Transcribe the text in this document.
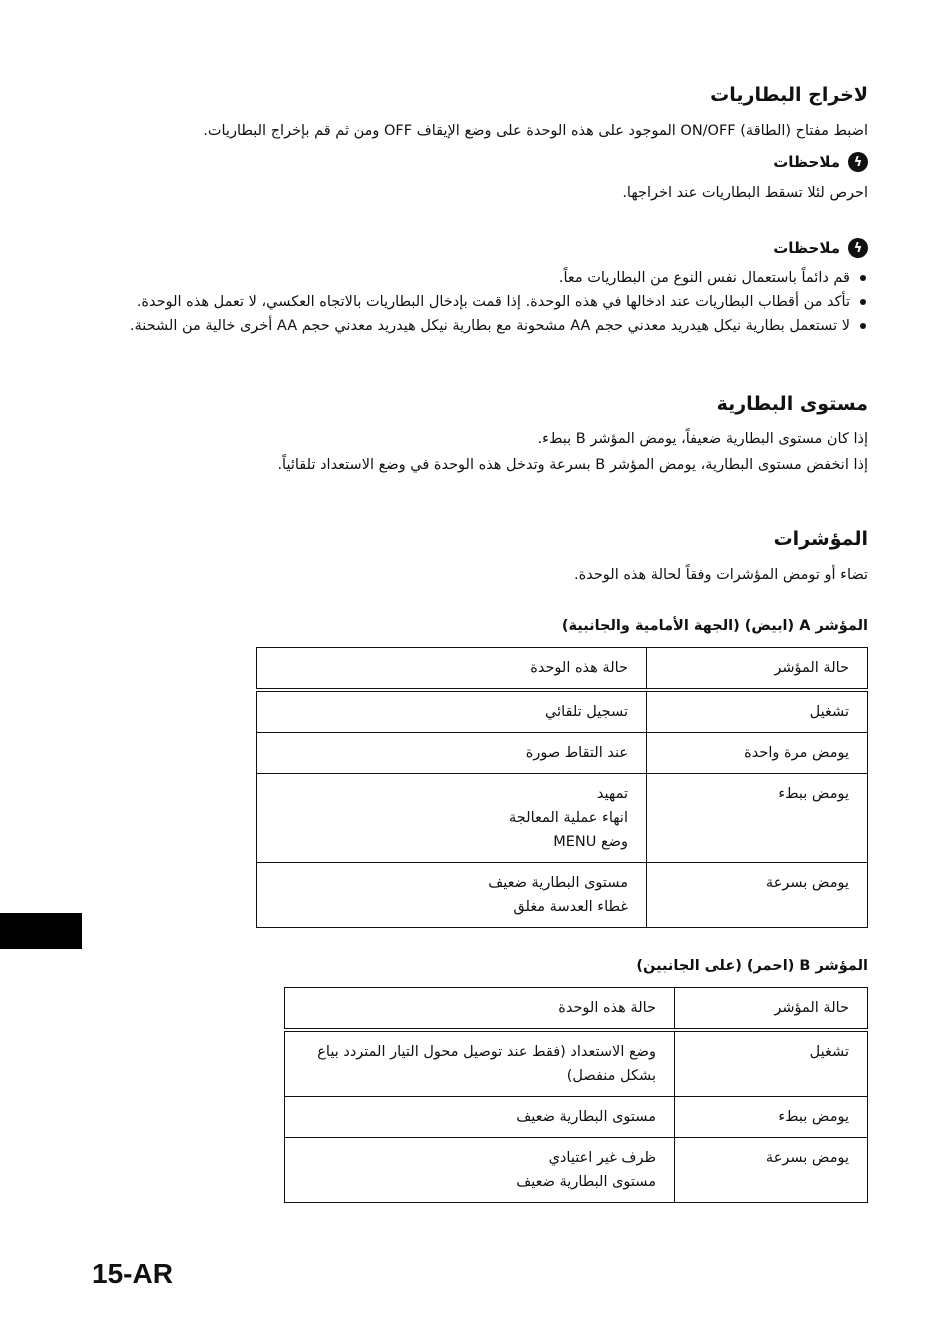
لاخراج البطاريات
اضبط مفتاح (الطاقة) ON/OFF الموجود على هذه الوحدة على وضع الإيقاف OFF ومن ثم قم بإخراج البطاريات.
ϟ
ملاحظات
احرص لئلا تسقط البطاريات عند اخراجها.
ϟ
ملاحظات
قم دائماً باستعمال نفس النوع من البطاريات معاً.
تأكد من أقطاب البطاريات عند ادخالها في هذه الوحدة. إذا قمت بإدخال البطاريات بالاتجاه العكسي، لا تعمل هذه الوحدة.
لا تستعمل بطارية نيكل هيدريد معدني حجم AA مشحونة مع بطارية نيكل هيدريد معدني حجم AA أخرى خالية من الشحنة.
مستوى البطارية
إذا كان مستوى البطارية ضعيفاً، يومض المؤشر B ببطء.
إذا انخفض مستوى البطارية، يومض المؤشر B بسرعة وتدخل هذه الوحدة في وضع الاستعداد تلقائياً.
المؤشرات
تضاء أو تومض المؤشرات وفقاً لحالة هذه الوحدة.
المؤشر A (ابيض) (الجهة الأمامية والجانبية)
حالة المؤشر	حالة هذه الوحدة
تشغيل	تسجيل تلقائي

يومض مرة واحدة	عند التقاط صورة

يومض ببطء	تمهيد
انهاء عملية المعالجة
وضع MENU

يومض بسرعة	مستوى البطارية ضعيف
غطاء العدسة مغلق
المؤشر B (احمر) (على الجانبين)
حالة المؤشر	حالة هذه الوحدة
تشغيل	وضع الاستعداد (فقط عند توصيل محول التيار المتردد بياع
بشكل منفصل)

يومض ببطء	مستوى البطارية ضعيف

يومض بسرعة	ظرف غير اعتيادي
مستوى البطارية ضعيف
15-AR
